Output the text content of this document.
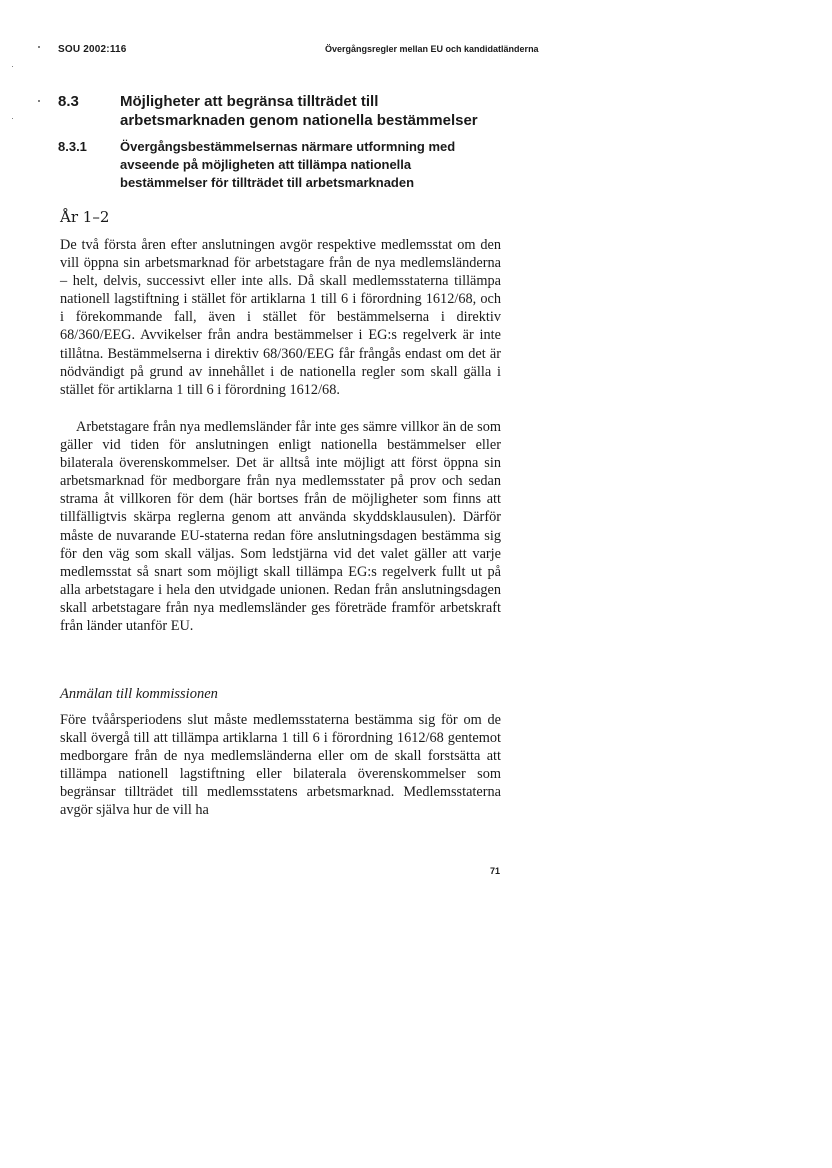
SOU 2002:116	Övergångsregler mellan EU och kandidatländerna
8.3	Möjligheter att begränsa tillträdet till
arbetsmarknaden genom nationella bestämmelser
8.3.1	Övergångsbestämmelsernas närmare utformning med
avseende på möjligheten att tillämpa nationella
bestämmelser för tillträdet till arbetsmarknaden
År 1–2

De två första åren efter anslutningen avgör respektive medlemsstat om den vill öppna sin arbetsmarknad för arbetstagare från de nya medlemsländerna – helt, delvis, successivt eller inte alls. Då skall medlemsstaterna tillämpa nationell lagstiftning i stället för artiklarna 1 till 6 i förordning 1612/68, och i förekommande fall, även i stället för bestämmelserna i direktiv 68/360/EEG. Avvikelser från andra bestämmelser i EG:s regelverk är inte tillåtna. Bestämmelserna i direktiv 68/360/EEG får frångås endast om det är nödvändigt på grund av innehållet i de nationella regler som skall gälla i stället för artiklarna 1 till 6 i förordning 1612/68.

Arbetstagare från nya medlemsländer får inte ges sämre villkor än de som gäller vid tiden för anslutningen enligt nationella bestämmelser eller bilaterala överenskommelser. Det är alltså inte möjligt att först öppna sin arbetsmarknad för medborgare från nya medlemsstater på prov och sedan strama åt villkoren för dem (här bortses från de möjligheter som finns att tillfälligtvis skärpa reglerna genom att använda skyddsklausulen). Därför måste de nuvarande EU-staterna redan före anslutningsdagen bestämma sig för den väg som skall väljas. Som ledstjärna vid det valet gäller att varje medlemsstat så snart som möjligt skall tillämpa EG:s regelverk fullt ut på alla arbetstagare i hela den utvidgade unionen. Redan från anslutningsdagen skall arbetstagare från nya medlemsländer ges företräde framför arbetskraft från länder utanför EU.

Anmälan till kommissionen

Före tvåårsperiodens slut måste medlemsstaterna bestämma sig för om de skall övergå till att tillämpa artiklarna 1 till 6 i förordning 1612/68 gentemot medborgare från de nya medlemsländerna eller om de skall forstsätta att tillämpa nationell lagstiftning eller bilaterala överenskommelser som begränsar tillträdet till medlemsstatens arbetsmarknad. Medlemsstaterna avgör själva hur de vill ha

71
